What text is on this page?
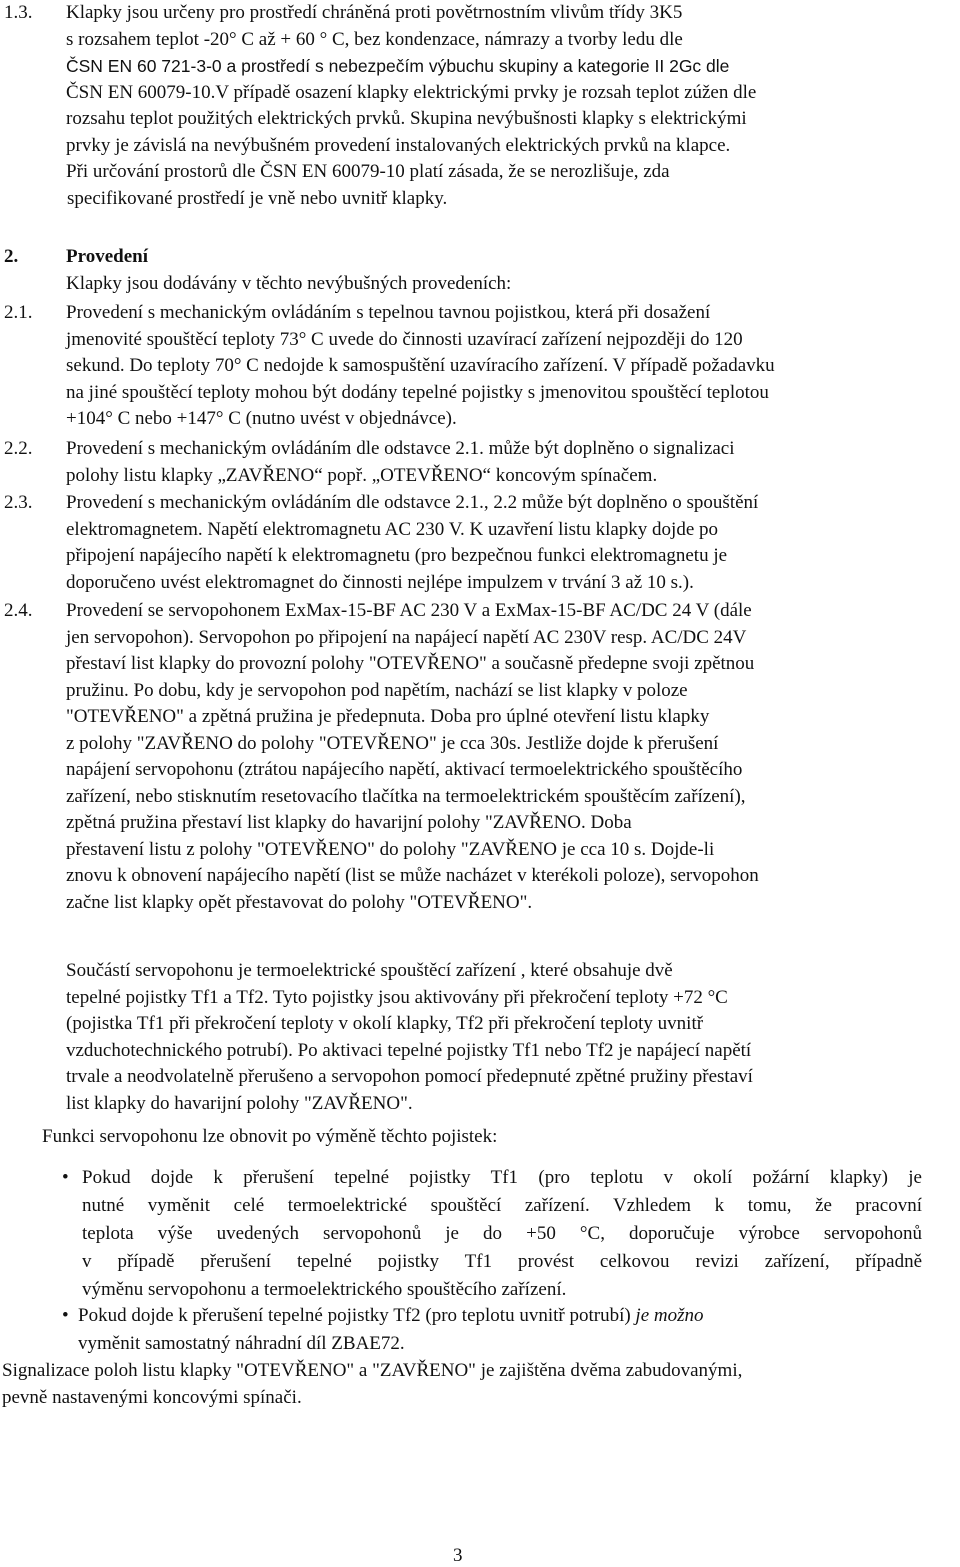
1.3. Klapky jsou určeny pro prostředí chráněná proti povětrnostním vlivům třídy 3K5
s rozsahem teplot -20° C až + 60 ° C, bez kondenzace, námrazy a tvorby ledu dle
ČSN EN 60 721-3-0 a prostředí s nebezpečím výbuchu skupiny a kategorie II 2Gc dle
ČSN EN 60079-10.V případě osazení klapky elektrickými prvky je rozsah teplot zúžen dle
rozsahu teplot použitých elektrických prvků. Skupina nevýbušnosti klapky s elektrickými
prvky je závislá na nevýbušném provedení instalovaných elektrických prvků na klapce.
Při určování prostorů dle ČSN EN 60079-10 platí zásada, že se nerozlišuje, zda
specifikované prostředí je vně nebo uvnitř klapky.
2.	Provedení
Klapky jsou dodávány v těchto nevýbušných provedeních:
2.1. Provedení s mechanickým ovládáním s tepelnou tavnou pojistkou, která při dosažení
jmenovité spouštěcí teploty 73° C uvede do činnosti uzavírací zařízení nejpozději do 120
sekund. Do teploty 70° C nedojde k samospuštění uzavíracího zařízení. V případě požadavku
na jiné spouštěcí teploty mohou být dodány tepelné pojistky s jmenovitou spouštěcí teplotou
+104° C nebo +147° C (nutno uvést v objednávce).
2.2. Provedení s mechanickým ovládáním dle odstavce 2.1. může být doplněno o signalizaci
polohy listu klapky „ZAVŘENO“ popř. „OTEVŘENO“ koncovým spínačem.
2.3. Provedení s mechanickým ovládáním dle odstavce 2.1., 2.2 může být doplněno o spouštění
elektromagnetem. Napětí elektromagnetu AC 230 V. K uzavření listu klapky dojde po
připojení napájecího napětí k elektromagnetu (pro bezpečnou funkci elektromagnetu je
doporučeno uvést elektromagnet do činnosti nejlépe impulzem v trvání 3 až 10 s.).
2.4. Provedení se servopohonem ExMax-15-BF AC 230 V a ExMax-15-BF AC/DC 24 V (dále
jen servopohon). Servopohon po připojení na napájecí napětí AC 230V resp. AC/DC 24V
přestaví list klapky do provozní polohy "OTEVŘENO" a současně předepne svoji zpětnou
pružinu. Po dobu, kdy je servopohon pod napětím, nachází se list klapky v poloze
"OTEVŘENO" a zpětná pružina je předepnuta. Doba pro úplné otevření listu klapky
z polohy "ZAVŘENO do polohy "OTEVŘENO" je cca 30s. Jestliže dojde k přerušení
napájení servopohonu (ztrátou napájecího napětí, aktivací termoelektrického spouštěcího
zařízení, nebo stisknutím resetovacího tlačítka na termoelektrickém spouštěcím zařízení),
zpětná pružina přestaví list klapky do havarijní polohy "ZAVŘENO. Doba
přestavení listu z polohy "OTEVŘENO" do polohy "ZAVŘENO je cca 10 s. Dojde-li
znovu k obnovení napájecího napětí (list se může nacházet v kterékoli poloze), servopohon
začne list klapky opět přestavovat do polohy "OTEVŘENO".
Součástí servopohonu je termoelektrické spouštěcí zařízení , které obsahuje dvě
tepelné pojistky Tf1 a Tf2. Tyto pojistky jsou aktivovány při překročení teploty +72 °C
(pojistka Tf1 při překročení teploty v okolí klapky, Tf2 při překročení teploty uvnitř
vzduchotechnického potrubí). Po aktivaci tepelné pojistky Tf1 nebo Tf2 je napájecí napětí
trvale a neodvolatelně přerušeno a servopohon pomocí předepnuté zpětné pružiny přestaví
list klapky do havarijní polohy "ZAVŘENO".
Funkci servopohonu lze obnovit po výměně těchto pojistek:
• Pokud dojde k přerušení tepelné pojistky Tf1 (pro teplotu v okolí požární klapky) je
nutné vyměnit celé termoelektrické spouštěcí zařízení. Vzhledem k tomu, že pracovní
teplota výše uvedených servopohonů je do +50 °C, doporučuje výrobce servopohonů
v případě přerušení tepelné pojistky Tf1 provést celkovou revizi zařízení, případně
výměnu servopohonu a termoelektrického spouštěcího zařízení.
• Pokud dojde k přerušení tepelné pojistky Tf2 (pro teplotu uvnitř potrubí) je možno
vyměnit samostatný náhradní díl ZBAE72.
Signalizace poloh listu klapky "OTEVŘENO" a "ZAVŘENO" je zajištěna dvěma zabudovanými,
pevně nastavenými koncovými spínači.
3
